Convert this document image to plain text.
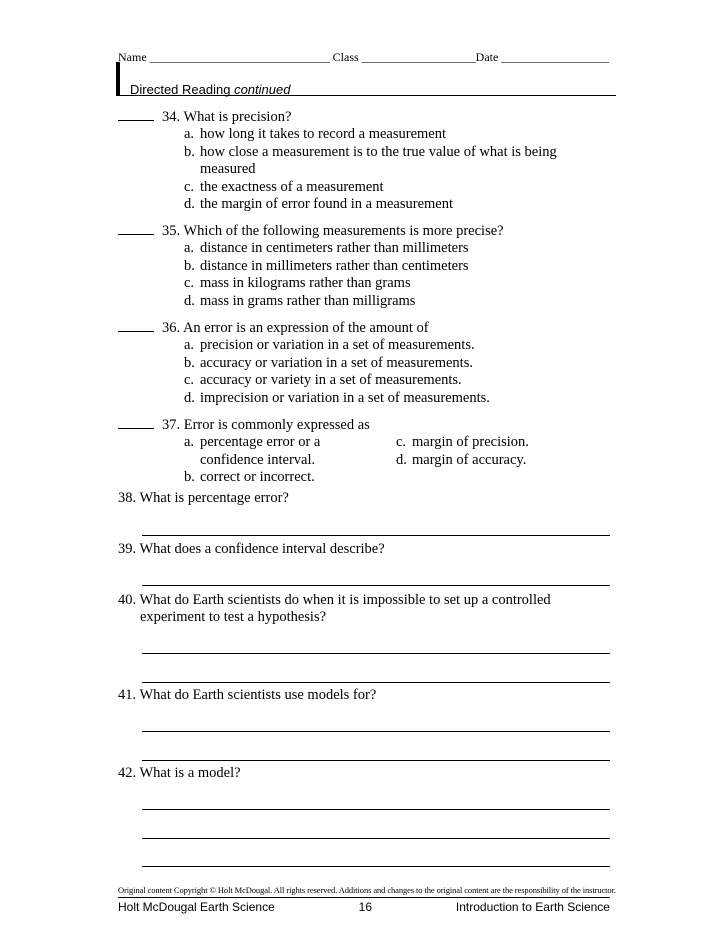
Name ______________________________ Class ___________________Date __________________
Directed Reading continued
34. What is precision?
a. how long it takes to record a measurement
b. how close a measurement is to the true value of what is being measured
c. the exactness of a measurement
d. the margin of error found in a measurement
35. Which of the following measurements is more precise?
a. distance in centimeters rather than millimeters
b. distance in millimeters rather than centimeters
c. mass in kilograms rather than grams
d. mass in grams rather than milligrams
36. An error is an expression of the amount of
a. precision or variation in a set of measurements.
b. accuracy or variation in a set of measurements.
c. accuracy or variety in a set of measurements.
d. imprecision or variation in a set of measurements.
37. Error is commonly expressed as
a. percentage error or a confidence interval.
b. correct or incorrect.
c. margin of precision.
d. margin of accuracy.
38. What is percentage error?
39. What does a confidence interval describe?
40. What do Earth scientists do when it is impossible to set up a controlled
experiment to test a hypothesis?
41. What do Earth scientists use models for?
42. What is a model?
Original content Copyright © Holt McDougal. All rights reserved. Additions and changes to the original content are the responsibility of the instructor.
Holt McDougal Earth Science	16	Introduction to Earth Science
